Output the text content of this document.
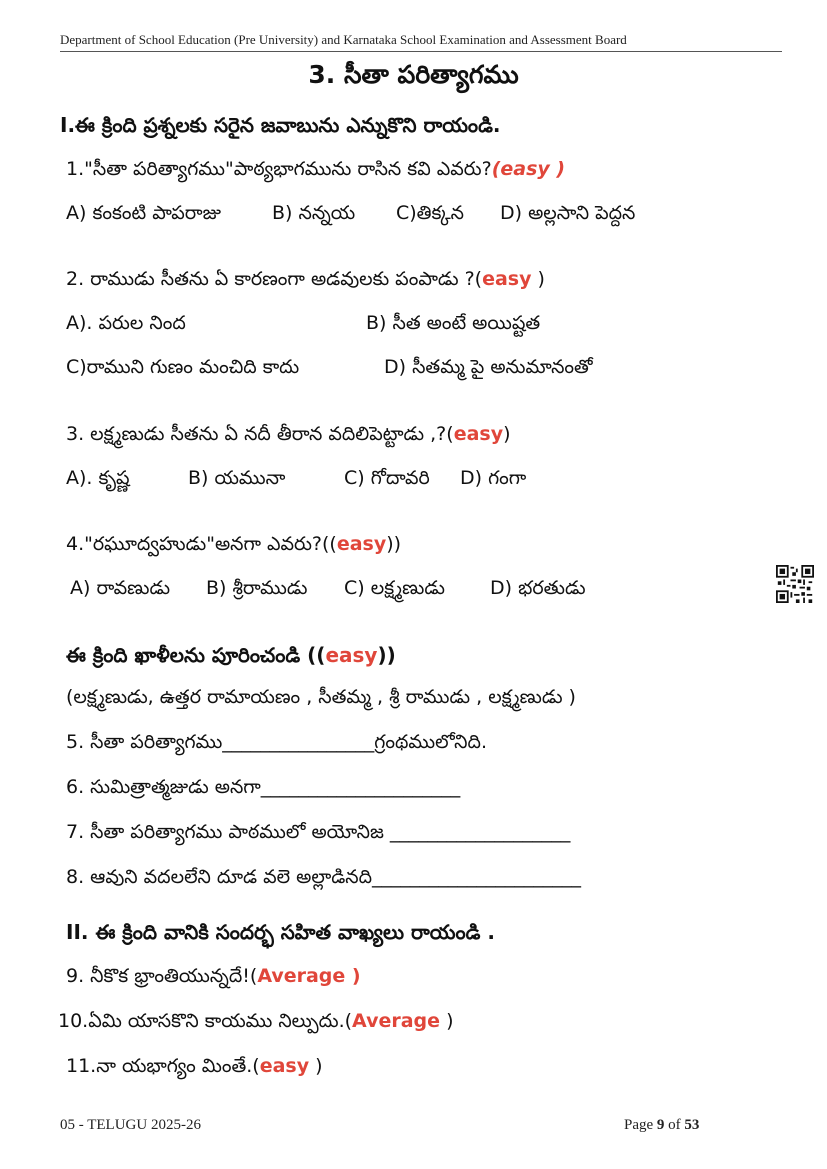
Department of School Education (Pre University) and Karnataka School Examination and Assessment Board
3. సీతా పరిత్యాగము
I.ఈ క్రింది ప్రశ్నలకు సరైన జవాబును ఎన్నుకొని రాయండి.
1."సీతా పరిత్యాగము"పాఠ్యభాగమును రాసిన కవి ఎవరు?(easy )
A) కంకంటి పాపరాజు	B) నన్నయ C)తిక్కన D) అల్లసాని పెద్దన
2. రాముడు సీతను ఏ కారణంగా అడవులకు పంపాడు ?(easy )
A). పరుల నింద	B) సీత అంటే అయిష్టత
C)రాముని గుణం మంచిది కాదు	D) సీతమ్మ పై అనుమానంతో
3. లక్ష్మణుడు సీతను ఏ నదీ తీరాన వదిలిపెట్టాడు ,?(easy)
A). కృష్ణ	B) యమునా	C) గోదావరి D) గంగా
4."రఘూద్వహుడు"అనగా ఎవరు?((easy))
A) రావణుడు B) శ్రీరాముడు C) లక్ష్మణుడు D) భరతుడు
ఈ క్రింది ఖాళీలను పూరించండి ((easy))
(లక్ష్మణుడు, ఉత్తర రామాయణం , సీతమ్మ , శ్రీ రాముడు , లక్ష్మణుడు )
5. సీతా పరిత్యాగము________________గ్రంథములోనిది.
6. సుమిత్రాత్మజుడు అనగా_____________________
7. సీతా పరిత్యాగము పాఠములో అయోనిజ ___________________
8. ఆవుని వదలలేని దూడ వలె అల్లాడినది______________________
II. ఈ క్రింది వానికి సందర్భ సహిత వాఖ్యలు రాయండి .
9. నీకొక భ్రాంతియున్నదే!(Average )
10.ఏమి యాసకొని కాయము నిల్పుదు.(Average )
11.నా యభాగ్యం మింతే.(easy )
05 - TELUGU 2025-26	Page 9 of 53
